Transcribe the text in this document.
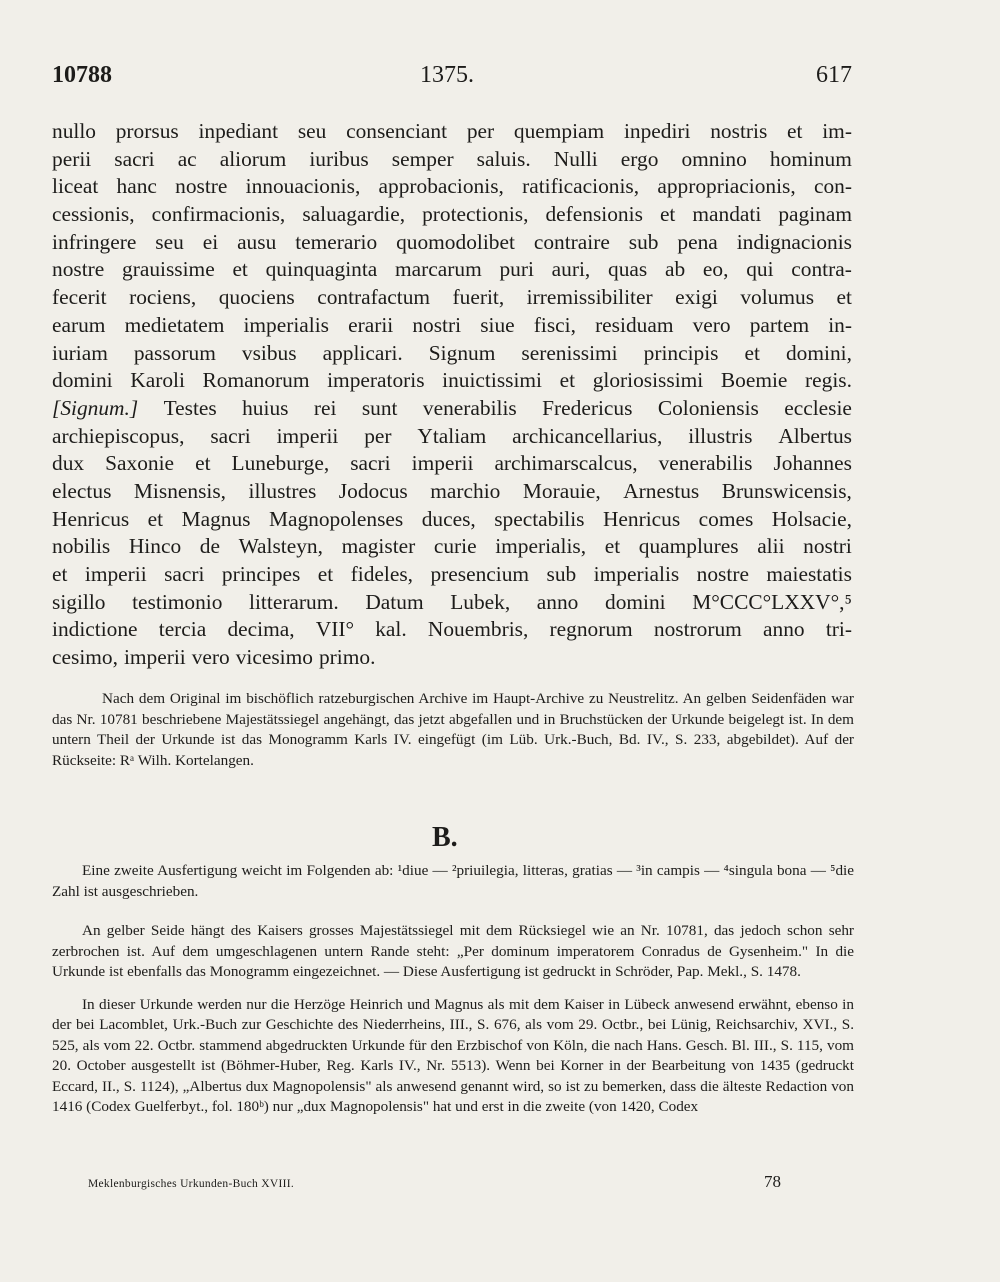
10788	1375.	617
nullo prorsus inpediant seu consenciant per quempiam inpediri nostris et im-
perii sacri ac aliorum iuribus semper saluis. Nulli ergo omnino hominum
liceat hanc nostre innouacionis, approbacionis, ratificacionis, appropriacionis, con-
cessionis, confirmacionis, saluagardie, protectionis, defensionis et mandati paginam
infringere seu ei ausu temerario quomodolibet contraire sub pena indignacionis
nostre grauissime et quinquaginta marcarum puri auri, quas ab eo, qui contra-
fecerit rociens, quociens contrafactum fuerit, irremissibiliter exigi volumus et
earum medietatem imperialis erarii nostri siue fisci, residuam vero partem in-
iuriam passorum vsibus applicari. Signum serenissimi principis et domini,
domini Karoli Romanorum imperatoris inuictissimi et gloriosissimi Boemie regis.
[Signum.] Testes huius rei sunt venerabilis Fredericus Coloniensis ecclesie
archiepiscopus, sacri imperii per Ytaliam archicancellarius, illustris Albertus
dux Saxonie et Luneburge, sacri imperii archimarscalcus, venerabilis Johannes
electus Misnensis, illustres Jodocus marchio Morauie, Arnestus Brunswicensis,
Henricus et Magnus Magnopolenses duces, spectabilis Henricus comes Holsacie,
nobilis Hinco de Walsteyn, magister curie imperialis, et quamplures alii nostri
et imperii sacri principes et fideles, presencium sub imperialis nostre maiestatis
sigillo testimonio litterarum. Datum Lubek, anno domini M°CCC°LXXV°,⁵
indictione tercia decima, VII° kal. Nouembris, regnorum nostrorum anno tri-
cesimo, imperii vero vicesimo primo.

Nach dem Original im bischöflich ratzeburgischen Archive im Haupt-Archive zu Neustrelitz. An gelben Seidenfäden war das Nr. 10781 beschriebene Majestätssiegel angehängt, das jetzt abgefallen und in Bruchstücken der Urkunde beigelegt ist. In dem untern Theil der Urkunde ist das Monogramm Karls IV. eingefügt (im Lüb. Urk.-Buch, Bd. IV., S. 233, abgebildet). Auf der Rückseite: Rᵃ Wilh. Kortelangen.

B.

Eine zweite Ausfertigung weicht im Folgenden ab: ¹diue — ²priuilegia, litteras, gratias — ³in campis — ⁴singula bona — ⁵die Zahl ist ausgeschrieben.

An gelber Seide hängt des Kaisers grosses Majestätssiegel mit dem Rücksiegel wie an Nr. 10781, das jedoch schon sehr zerbrochen ist. Auf dem umgeschlagenen untern Rande steht: „Per dominum imperatorem Conradus de Gysenheim." In die Urkunde ist ebenfalls das Monogramm eingezeichnet. — Diese Ausfertigung ist gedruckt in Schröder, Pap. Mekl., S. 1478.

In dieser Urkunde werden nur die Herzöge Heinrich und Magnus als mit dem Kaiser in Lübeck anwesend erwähnt, ebenso in der bei Lacomblet, Urk.-Buch zur Geschichte des Niederrheins, III., S. 676, als vom 29. Octbr., bei Lünig, Reichsarchiv, XVI., S. 525, als vom 22. Octbr. stammend abgedruckten Urkunde für den Erzbischof von Köln, die nach Hans. Gesch. Bl. III., S. 115, vom 20. October ausgestellt ist (Böhmer-Huber, Reg. Karls IV., Nr. 5513). Wenn bei Korner in der Bearbeitung von 1435 (gedruckt Eccard, II., S. 1124), „Albertus dux Magnopolensis" als anwesend genannt wird, so ist zu bemerken, dass die älteste Redaction von 1416 (Codex Guelferbyt., fol. 180ᵇ) nur „dux Magnopolensis" hat und erst in die zweite (von 1420, Codex

Meklenburgisches Urkunden-Buch XVIII.	78
